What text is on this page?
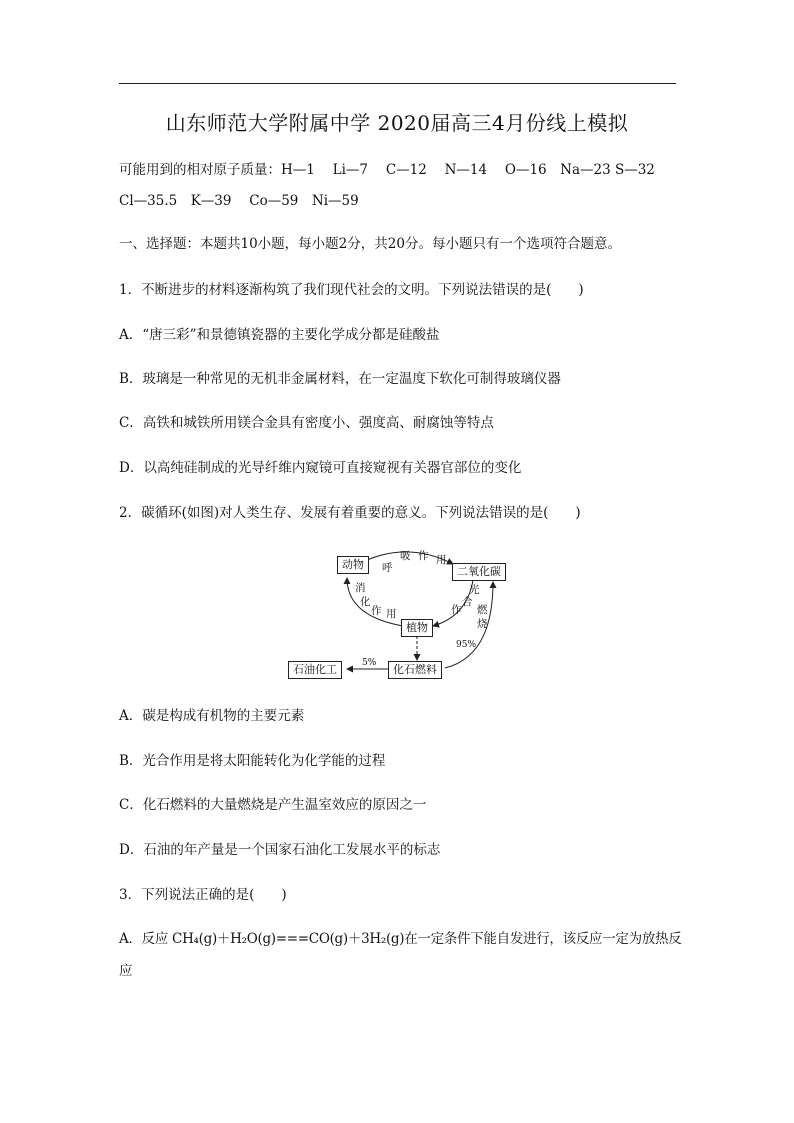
山东师范大学附属中学 2020届高三4月份线上模拟
可能用到的相对原子质量：H—1　 Li—7　 C—12　 N—14　 O—16　Na—23 S—32
Cl—35.5　K—39　 Co—59　Ni—59
一、选择题：本题共10小题，每小题2分，共20分。每小题只有一个选项符合题意。
1．不断进步的材料逐渐构筑了我们现代社会的文明。下列说法错误的是(　　)
A．“唐三彩”和景德镇瓷器的主要化学成分都是硅酸盐
B．玻璃是一种常见的无机非金属材料，在一定温度下软化可制得玻璃仪器
C．高铁和城铁所用镁合金具有密度小、强度高、耐腐蚀等特点
D．以高纯硅制成的光导纤维内窥镜可直接窥视有关器官部位的变化
2．碳循环(如图)对人类生存、发展有着重要的意义。下列说法错误的是(　　)
动物
二氧化碳
植物
化石燃料
石油化工
呼
吸 作 用
消
化
作 用
光
合
作 燃
烧
95%
5%
A．碳是构成有机物的主要元素
B．光合作用是将太阳能转化为化学能的过程
C．化石燃料的大量燃烧是产生温室效应的原因之一
D．石油的年产量是一个国家石油化工发展水平的标志
3．下列说法正确的是(　　)
A．反应 CH₄(g)＋H₂O(g)===CO(g)＋3H₂(g)在一定条件下能自发进行，该反应一定为放热反
应
